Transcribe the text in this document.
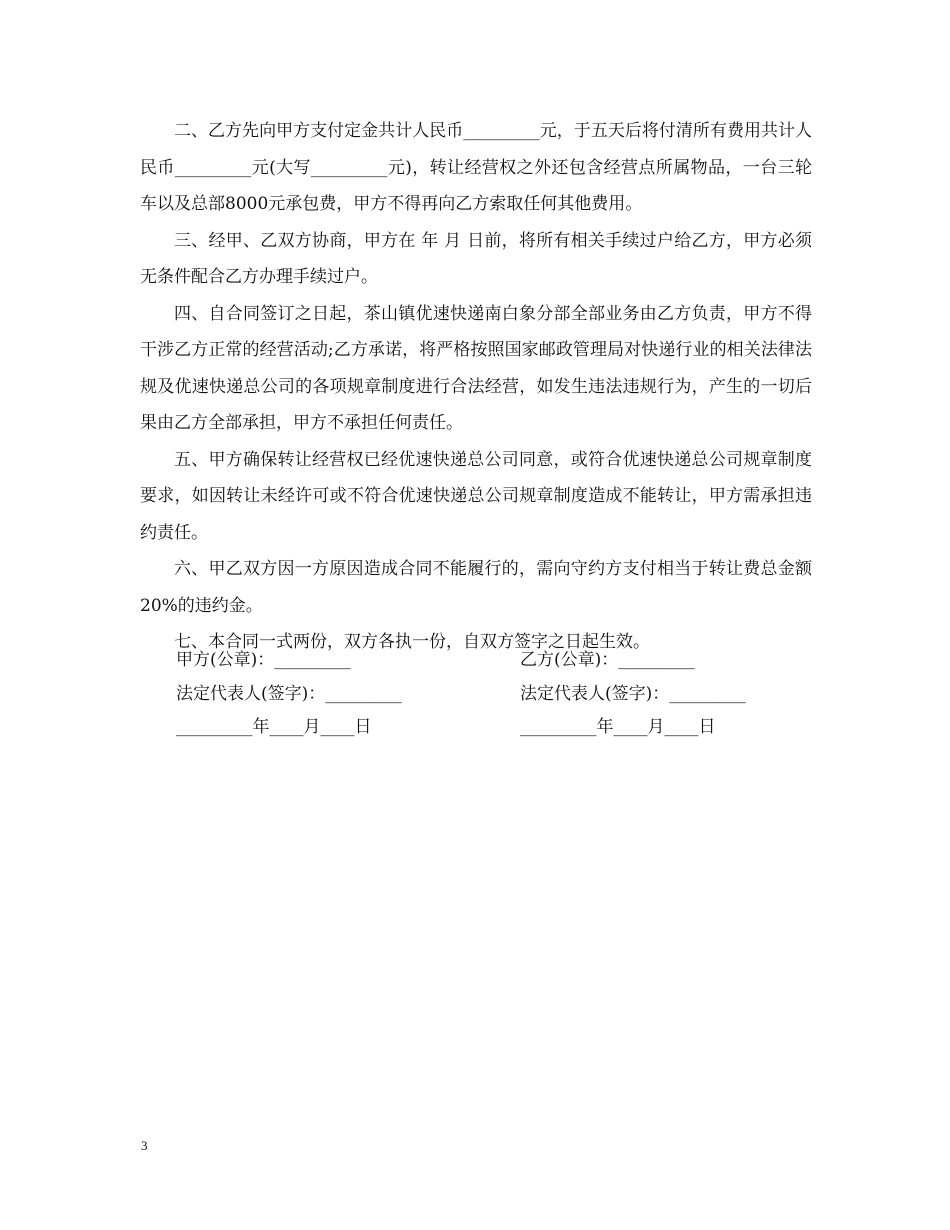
二、乙方先向甲方支付定金共计人民币_________元，于五天后将付清所有费用共计人民币_________元(大写_________元)，转让经营权之外还包含经营点所属物品，一台三轮车以及总部8000元承包费，甲方不得再向乙方索取任何其他费用。

三、经甲、乙双方协商，甲方在 年 月 日前，将所有相关手续过户给乙方，甲方必须无条件配合乙方办理手续过户。

四、自合同签订之日起，茶山镇优速快递南白象分部全部业务由乙方负责，甲方不得干涉乙方正常的经营活动;乙方承诺，将严格按照国家邮政管理局对快递行业的相关法律法规及优速快递总公司的各项规章制度进行合法经营，如发生违法违规行为，产生的一切后果由乙方全部承担，甲方不承担任何责任。

五、甲方确保转让经营权已经优速快递总公司同意，或符合优速快递总公司规章制度要求，如因转让未经许可或不符合优速快递总公司规章制度造成不能转让，甲方需承担违约责任。

六、甲乙双方因一方原因造成合同不能履行的，需向守约方支付相当于转让费总金额20%的违约金。

七、本合同一式两份，双方各执一份，自双方签字之日起生效。

甲方(公章)：_________	乙方(公章)：_________
法定代表人(签字)：_________	法定代表人(签字)：_________
_________年____月____日	_________年____月____日
3
